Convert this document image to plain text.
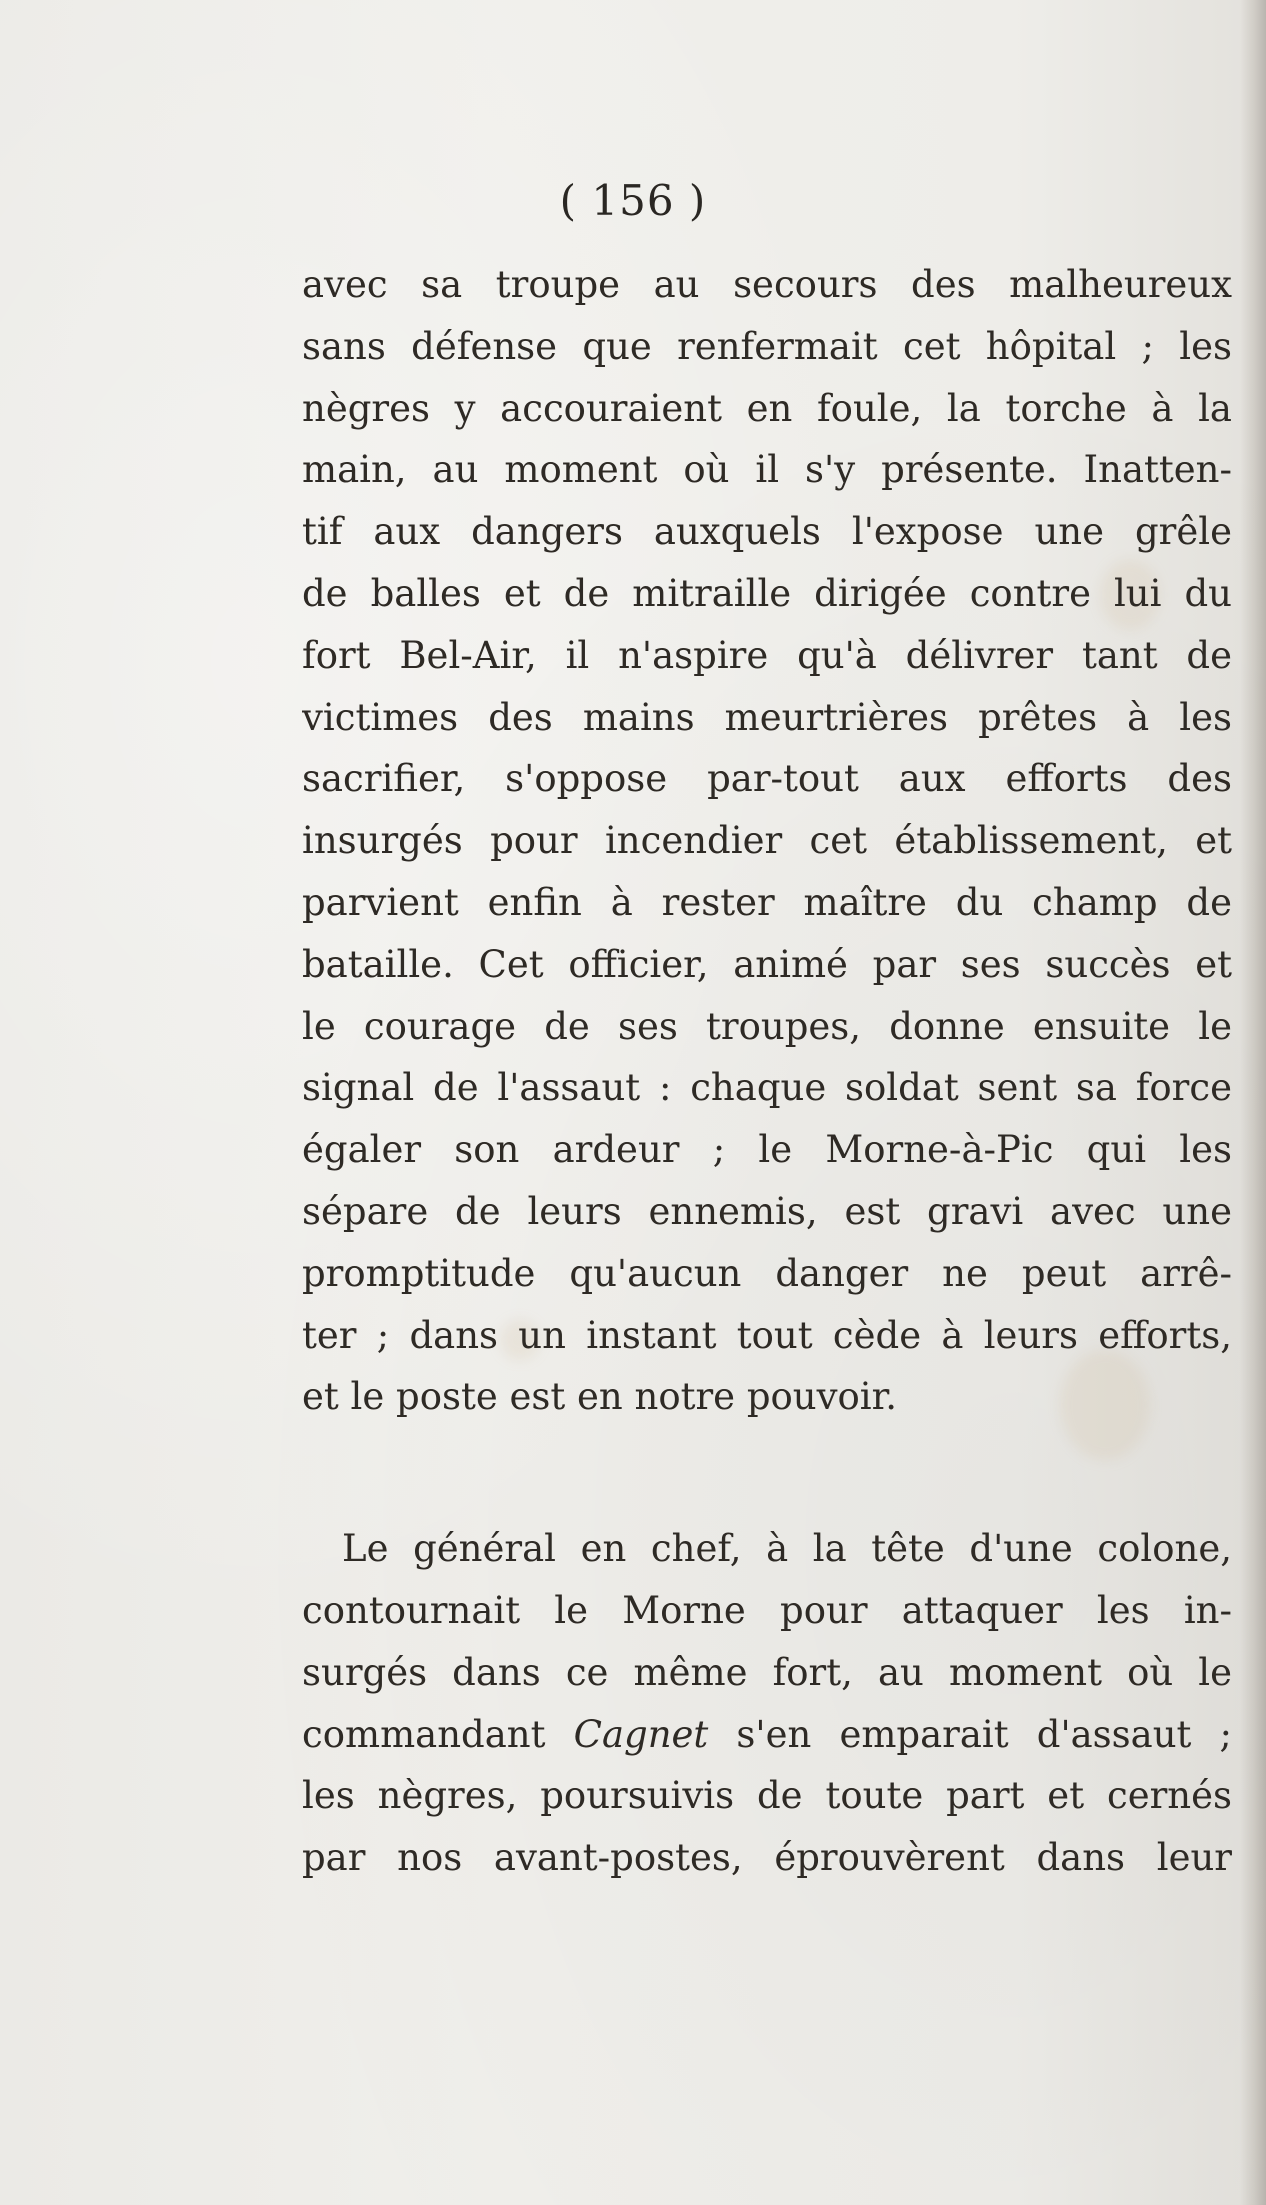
( 156 )
avec sa troupe au secours des malheureux
sans défense que renfermait cet hôpital ; les
nègres y accouraient en foule, la torche à la
main, au moment où il s'y présente. Inatten-
tif aux dangers auxquels l'expose une grêle
de balles et de mitraille dirigée contre lui du
fort Bel-Air, il n'aspire qu'à délivrer tant de
victimes des mains meurtrières prêtes à les
sacrifier, s'oppose par-tout aux efforts des
insurgés pour incendier cet établissement, et
parvient enfin à rester maître du champ de
bataille. Cet officier, animé par ses succès et
le courage de ses troupes, donne ensuite le
signal de l'assaut : chaque soldat sent sa force
égaler son ardeur ; le Morne-à-Pic qui les
sépare de leurs ennemis, est gravi avec une
promptitude qu'aucun danger ne peut arrê-
ter ; dans un instant tout cède à leurs efforts,
et le poste est en notre pouvoir.
Le général en chef, à la tête d'une colone,
contournait le Morne pour attaquer les in-
surgés dans ce même fort, au moment où le
commandant Cagnet s'en emparait d'assaut ;
les nègres, poursuivis de toute part et cernés
par nos avant-postes, éprouvèrent dans leur
